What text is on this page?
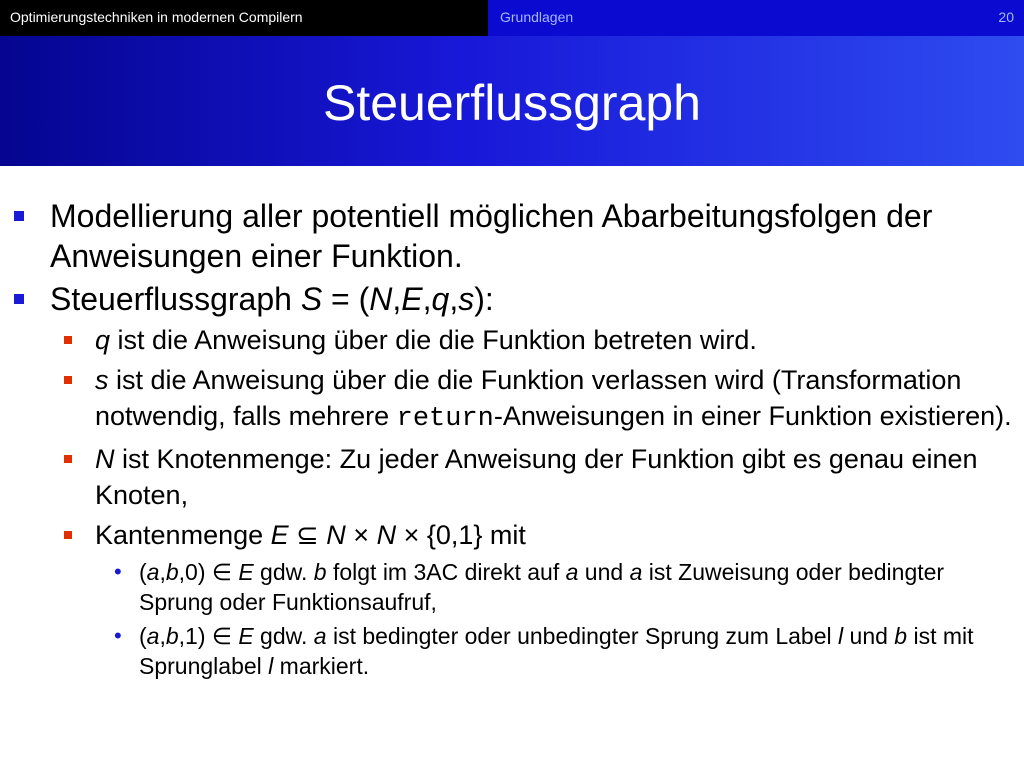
Optimierungstechniken in modernen Compilern	Grundlagen	20
Steuerflussgraph
Modellierung aller potentiell möglichen Abarbeitungsfolgen der Anweisungen einer Funktion.
Steuerflussgraph S = (N,E,q,s):
q ist die Anweisung über die die Funktion betreten wird.
s ist die Anweisung über die die Funktion verlassen wird (Transformation notwendig, falls mehrere return-Anweisungen in einer Funktion existieren).
N ist Knotenmenge: Zu jeder Anweisung der Funktion gibt es genau einen Knoten,
Kantenmenge E ⊆ N × N × {0,1} mit
• (a,b,0) ∈ E gdw. b folgt im 3AC direkt auf a und a ist Zuweisung oder bedingter Sprung oder Funktionsaufruf,
• (a,b,1) ∈ E gdw. a ist bedingter oder unbedingter Sprung zum Label l und b ist mit Sprunglabel l markiert.
